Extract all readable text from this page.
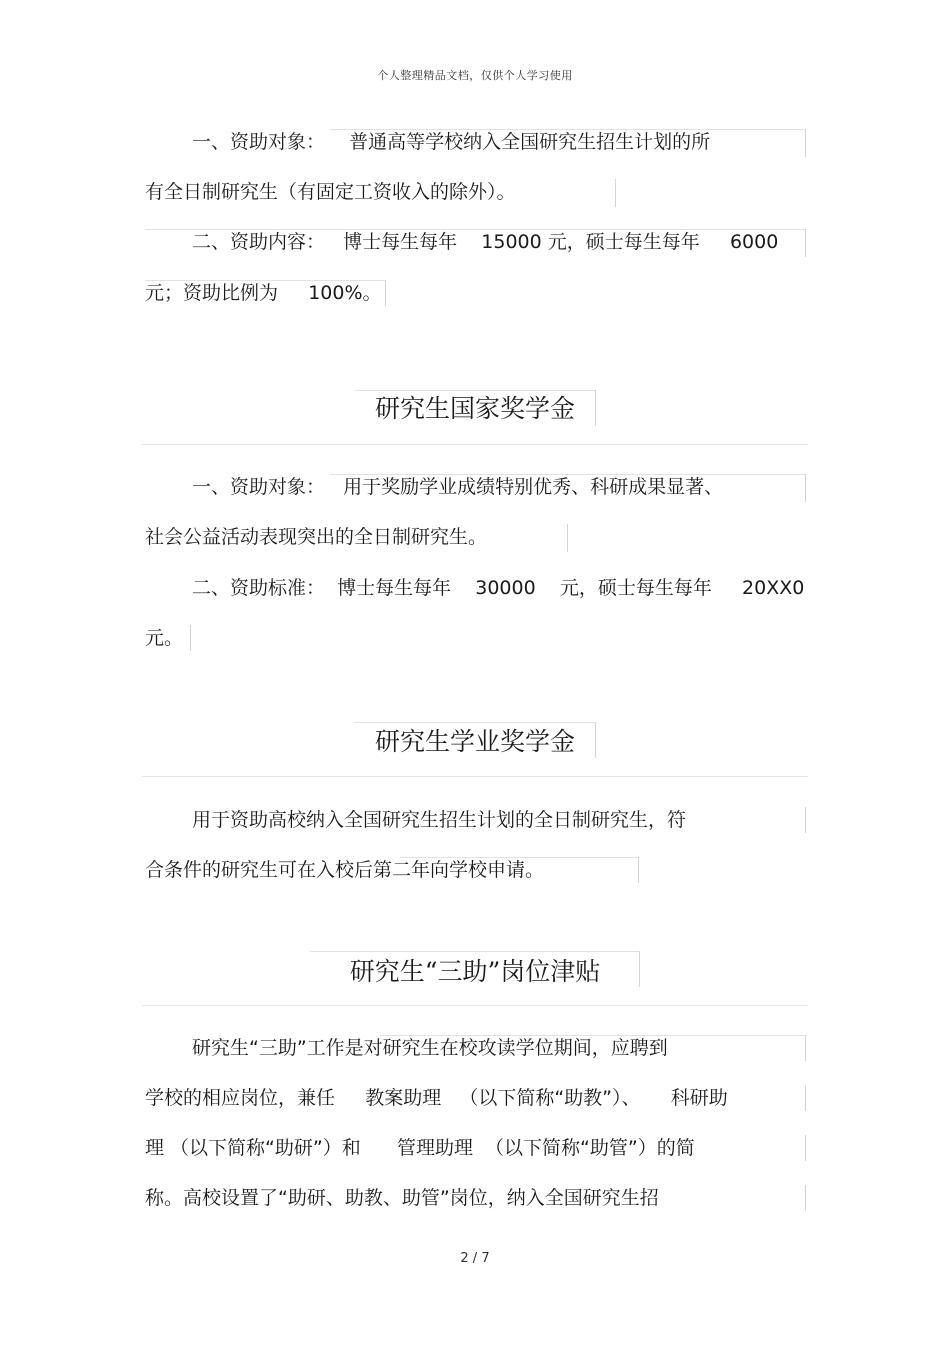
个人整理精品文档，仅供个人学习使用
一、资助对象：    普通高等学校纳入全国研究生招生计划的所
有全日制研究生（有固定工资收入的除外）。
二、资助内容：   博士每生每年    15000 元，硕士每生每年     6000
元；资助比例为     100%。
研究生国家奖学金
一、资助对象：   用于奖励学业成绩特别优秀、科研成果显著、
社会公益活动表现突出的全日制研究生。
二、资助标准：  博士每生每年    30000    元，硕士每生每年     20XX0
元。
研究生学业奖学金
用于资助高校纳入全国研究生招生计划的全日制研究生，符
合条件的研究生可在入校后第二年向学校申请。
研究生“三助”岗位津贴
研究生“三助”工作是对研究生在校攻读学位期间，应聘到
学校的相应岗位，兼任     教案助理   （以下简称“助教”）、     科研助
理 （以下简称“助研”）和      管理助理  （以下简称“助管”）的简
称。高校设置了“助研、助教、助管”岗位，纳入全国研究生招
2 / 7
